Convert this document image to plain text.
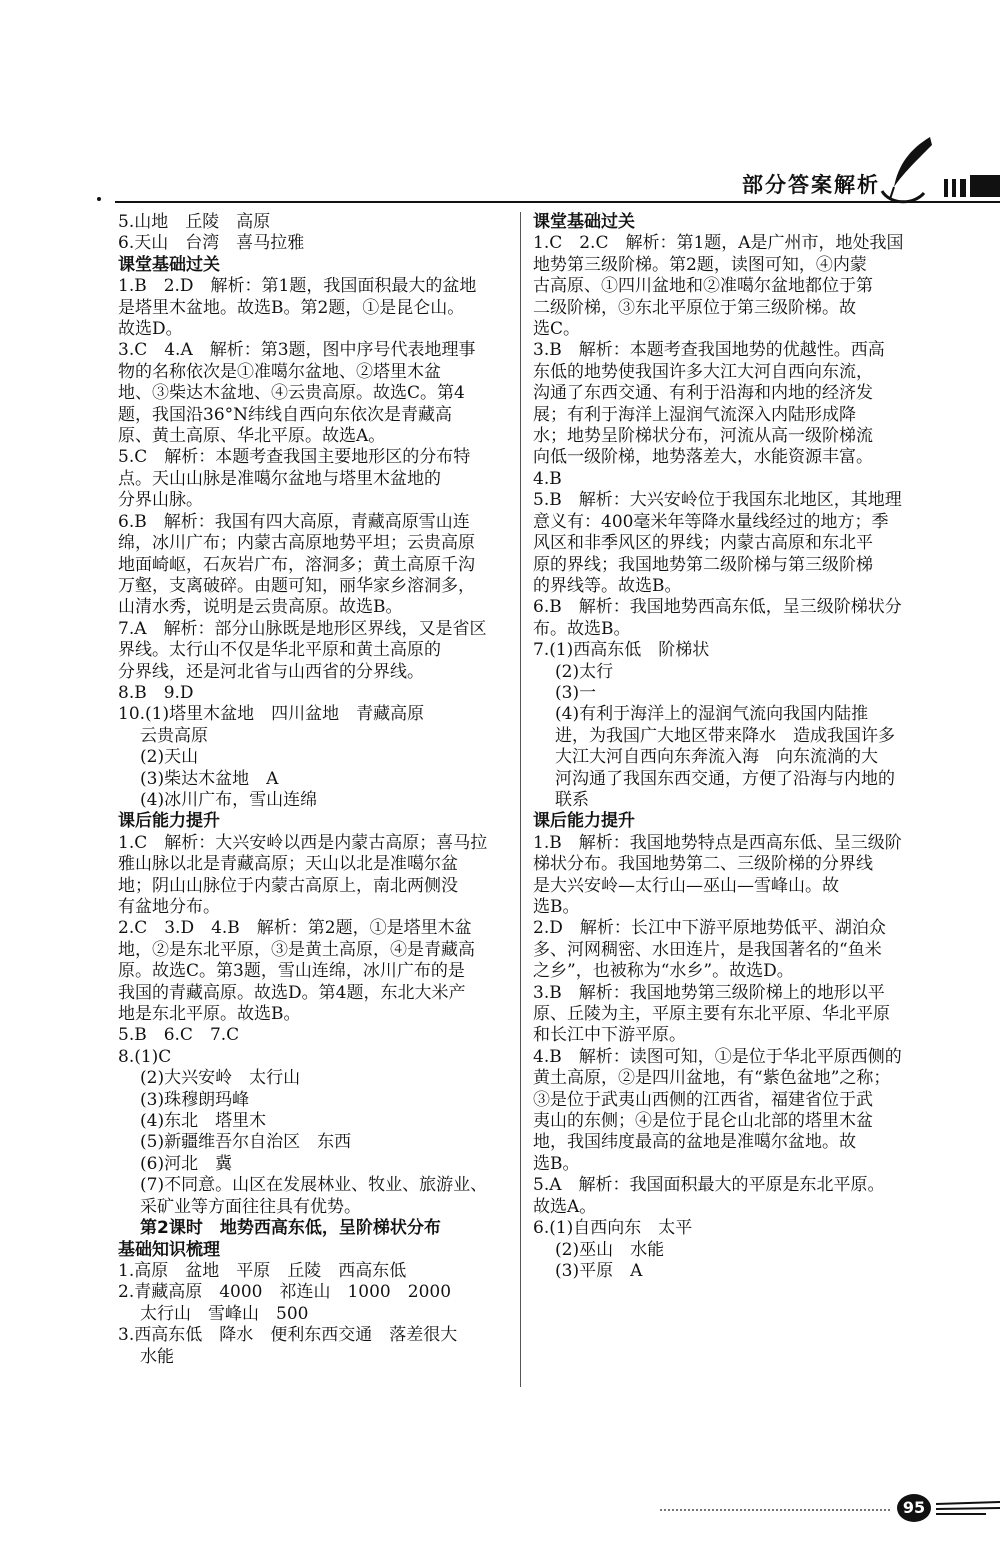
部分答案解析
5.山地　丘陵　高原
6.天山　台湾　喜马拉雅
课堂基础过关
1.B　2.D　解析：第1题，我国面积最大的盆地
是塔里木盆地。故选B。第2题，①是昆仑山。
故选D。
3.C　4.A　解析：第3题，图中序号代表地理事
物的名称依次是①准噶尔盆地、②塔里木盆
地、③柴达木盆地、④云贵高原。故选C。第4
题，我国沿36°N纬线自西向东依次是青藏高
原、黄土高原、华北平原。故选A。
5.C　解析：本题考查我国主要地形区的分布特
点。天山山脉是准噶尔盆地与塔里木盆地的
分界山脉。
6.B　解析：我国有四大高原，青藏高原雪山连
绵，冰川广布；内蒙古高原地势平坦；云贵高原
地面崎岖，石灰岩广布，溶洞多；黄土高原千沟
万壑，支离破碎。由题可知，丽华家乡溶洞多，
山清水秀，说明是云贵高原。故选B。
7.A　解析：部分山脉既是地形区界线，又是省区
界线。太行山不仅是华北平原和黄土高原的
分界线，还是河北省与山西省的分界线。
8.B　9.D
10.(1)塔里木盆地　四川盆地　青藏高原
云贵高原
(2)天山
(3)柴达木盆地　A
(4)冰川广布，雪山连绵
课后能力提升
1.C　解析：大兴安岭以西是内蒙古高原；喜马拉
雅山脉以北是青藏高原；天山以北是准噶尔盆
地；阴山山脉位于内蒙古高原上，南北两侧没
有盆地分布。
2.C　3.D　4.B　解析：第2题，①是塔里木盆
地，②是东北平原，③是黄土高原，④是青藏高
原。故选C。第3题，雪山连绵，冰川广布的是
我国的青藏高原。故选D。第4题，东北大米产
地是东北平原。故选B。
5.B　6.C　7.C
8.(1)C
(2)大兴安岭　太行山
(3)珠穆朗玛峰
(4)东北　塔里木
(5)新疆维吾尔自治区　东西
(6)河北　冀
(7)不同意。山区在发展林业、牧业、旅游业、
采矿业等方面往往具有优势。
第2课时　地势西高东低，呈阶梯状分布
基础知识梳理
1.高原　盆地　平原　丘陵　西高东低
2.青藏高原　4000　祁连山　1000　2000
太行山　雪峰山　500
3.西高东低　降水　便利东西交通　落差很大
水能
课堂基础过关
1.C　2.C　解析：第1题，A是广州市，地处我国
地势第三级阶梯。第2题，读图可知，④内蒙
古高原、①四川盆地和②准噶尔盆地都位于第
二级阶梯，③东北平原位于第三级阶梯。故
选C。
3.B　解析：本题考查我国地势的优越性。西高
东低的地势使我国许多大江大河自西向东流，
沟通了东西交通、有利于沿海和内地的经济发
展；有利于海洋上湿润气流深入内陆形成降
水；地势呈阶梯状分布，河流从高一级阶梯流
向低一级阶梯，地势落差大，水能资源丰富。
4.B
5.B　解析：大兴安岭位于我国东北地区，其地理
意义有：400毫米年等降水量线经过的地方；季
风区和非季风区的界线；内蒙古高原和东北平
原的界线；我国地势第二级阶梯与第三级阶梯
的界线等。故选B。
6.B　解析：我国地势西高东低，呈三级阶梯状分
布。故选B。
7.(1)西高东低　阶梯状
(2)太行
(3)一
(4)有利于海洋上的湿润气流向我国内陆推
进，为我国广大地区带来降水　造成我国许多
大江大河自西向东奔流入海　向东流淌的大
河沟通了我国东西交通，方便了沿海与内地的
联系
课后能力提升
1.B　解析：我国地势特点是西高东低、呈三级阶
梯状分布。我国地势第二、三级阶梯的分界线
是大兴安岭—太行山—巫山—雪峰山。故
选B。
2.D　解析：长江中下游平原地势低平、湖泊众
多、河网稠密、水田连片，是我国著名的“鱼米
之乡”，也被称为“水乡”。故选D。
3.B　解析：我国地势第三级阶梯上的地形以平
原、丘陵为主，平原主要有东北平原、华北平原
和长江中下游平原。
4.B　解析：读图可知，①是位于华北平原西侧的
黄土高原，②是四川盆地，有“紫色盆地”之称；
③是位于武夷山西侧的江西省，福建省位于武
夷山的东侧；④是位于昆仑山北部的塔里木盆
地，我国纬度最高的盆地是准噶尔盆地。故
选B。
5.A　解析：我国面积最大的平原是东北平原。
故选A。
6.(1)自西向东　太平
(2)巫山　水能
(3)平原　A
95
